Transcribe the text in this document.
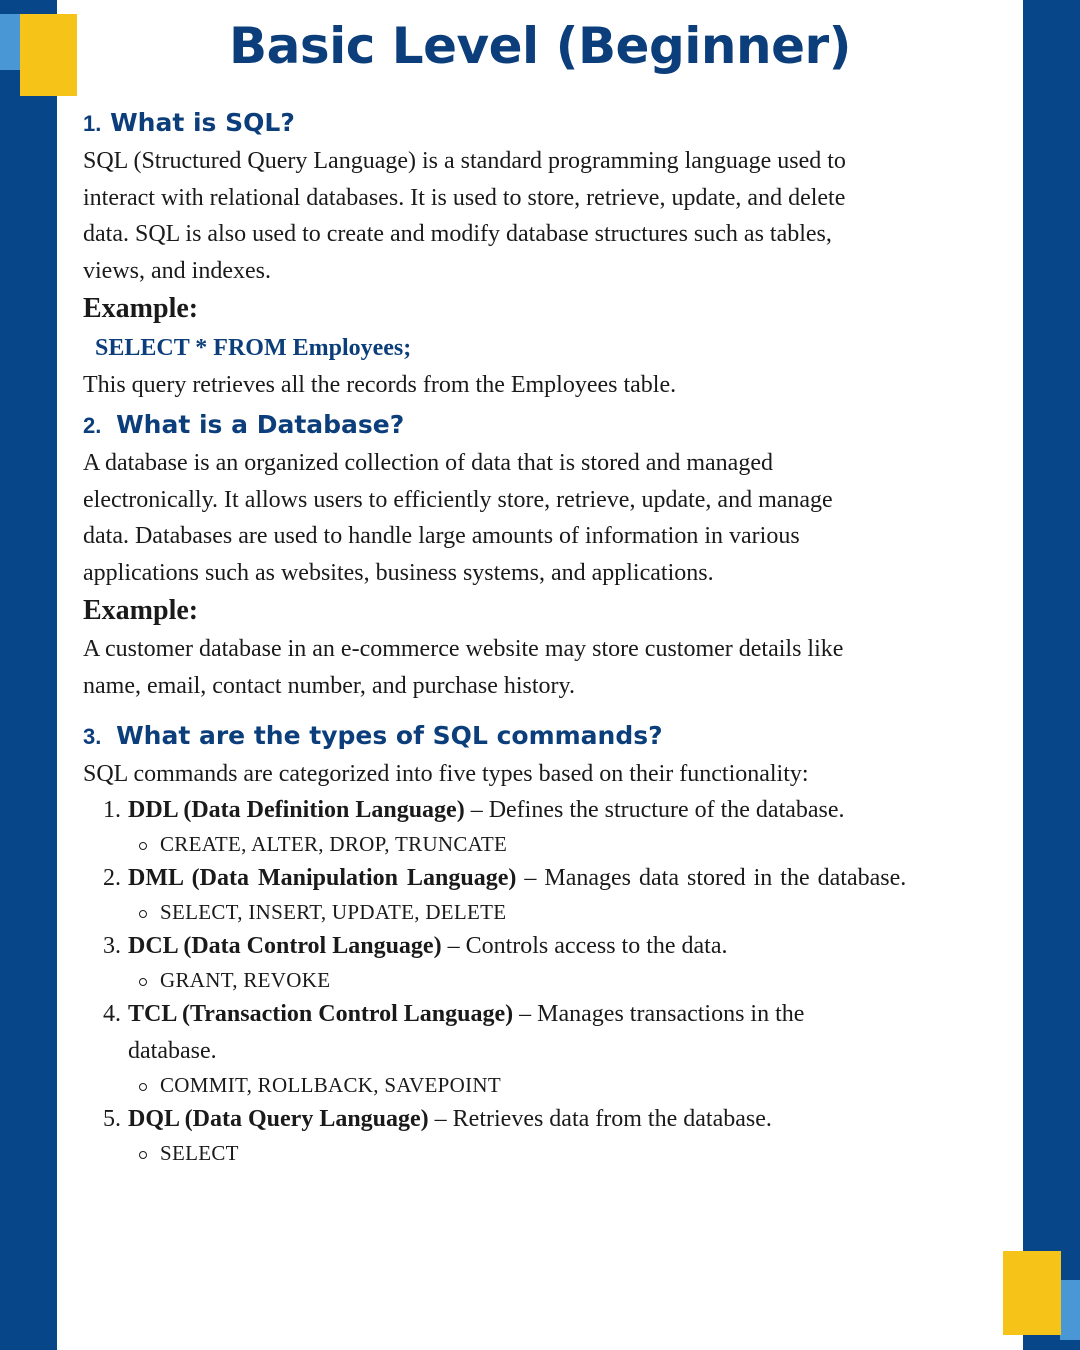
Basic Level (Beginner)
1. What is SQL?

SQL (Structured Query Language) is a standard programming language used to
interact with relational databases. It is used to store, retrieve, update, and delete
data. SQL is also used to create and modify database structures such as tables,
views, and indexes.

Example:

SELECT * FROM Employees;

This query retrieves all the records from the Employees table.

2. What is a Database?

A database is an organized collection of data that is stored and managed
electronically. It allows users to efficiently store, retrieve, update, and manage
data. Databases are used to handle large amounts of information in various
applications such as websites, business systems, and applications.

Example:

A customer database in an e-commerce website may store customer details like
name, email, contact number, and purchase history.

3. What are the types of SQL commands?

SQL commands are categorized into five types based on their functionality:

1. DDL (Data Definition Language) – Defines the structure of the database.
CREATE, ALTER, DROP, TRUNCATE
2. DML (Data Manipulation Language) – Manages data stored in the database.
SELECT, INSERT, UPDATE, DELETE
3. DCL (Data Control Language) – Controls access to the data.
GRANT, REVOKE
4. TCL (Transaction Control Language) – Manages transactions in the
database.
COMMIT, ROLLBACK, SAVEPOINT
5. DQL (Data Query Language) – Retrieves data from the database.
SELECT
